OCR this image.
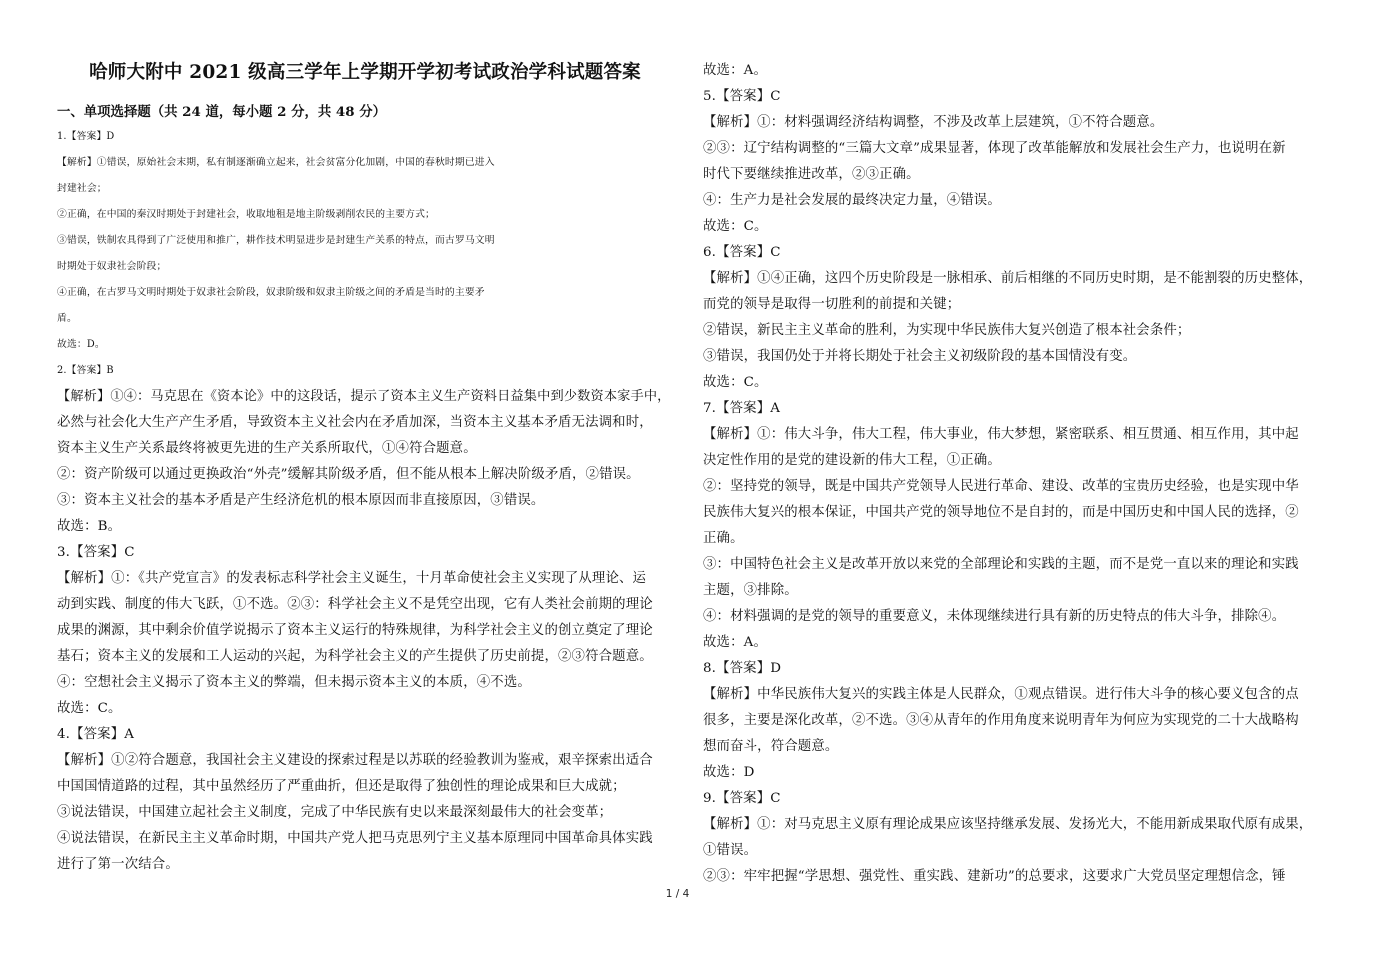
哈师大附中 2021 级高三学年上学期开学初考试政治学科试题答案
一、单项选择题（共 24 道，每小题 2 分，共 48 分）
1.【答案】D
【解析】①错误，原始社会末期，私有制逐渐确立起来，社会贫富分化加剧，中国的春秋时期已进入
封建社会；
②正确，在中国的秦汉时期处于封建社会，收取地租是地主阶级剥削农民的主要方式；
③错误，铁制农具得到了广泛使用和推广，耕作技术明显进步是封建生产关系的特点，而古罗马文明
时期处于奴隶社会阶段；
④正确，在古罗马文明时期处于奴隶社会阶段，奴隶阶级和奴隶主阶级之间的矛盾是当时的主要矛
盾。
故选：D。
2.【答案】B
【解析】①④：马克思在《资本论》中的这段话，提示了资本主义生产资料日益集中到少数资本家手中，
必然与社会化大生产产生矛盾，导致资本主义社会内在矛盾加深，当资本主义基本矛盾无法调和时，
资本主义生产关系最终将被更先进的生产关系所取代，①④符合题意。
②：资产阶级可以通过更换政治“外壳”缓解其阶级矛盾，但不能从根本上解决阶级矛盾，②错误。
③：资本主义社会的基本矛盾是产生经济危机的根本原因而非直接原因，③错误。
故选：B。
3.【答案】C
【解析】①：《共产党宣言》的发表标志科学社会主义诞生，十月革命使社会主义实现了从理论、运
动到实践、制度的伟大飞跃，①不选。②③：科学社会主义不是凭空出现，它有人类社会前期的理论
成果的渊源，其中剩余价值学说揭示了资本主义运行的特殊规律，为科学社会主义的创立奠定了理论
基石；资本主义的发展和工人运动的兴起，为科学社会主义的产生提供了历史前提，②③符合题意。
④：空想社会主义揭示了资本主义的弊端，但未揭示资本主义的本质，④不选。
故选：C。
4.【答案】A
【解析】①②符合题意，我国社会主义建设的探索过程是以苏联的经验教训为鉴戒，艰辛探索出适合
中国国情道路的过程，其中虽然经历了严重曲折，但还是取得了独创性的理论成果和巨大成就；
③说法错误，中国建立起社会主义制度，完成了中华民族有史以来最深刻最伟大的社会变革；
④说法错误，在新民主主义革命时期，中国共产党人把马克思列宁主义基本原理同中国革命具体实践
进行了第一次结合。
故选：A。
5.【答案】C
【解析】①：材料强调经济结构调整，不涉及改革上层建筑，①不符合题意。
②③：辽宁结构调整的“三篇大文章”成果显著，体现了改革能解放和发展社会生产力，也说明在新
时代下要继续推进改革，②③正确。
④：生产力是社会发展的最终决定力量，④错误。
故选：C。
6.【答案】C
【解析】①④正确，这四个历史阶段是一脉相承、前后相继的不同历史时期，是不能割裂的历史整体，
而党的领导是取得一切胜利的前提和关键；
②错误，新民主主义革命的胜利，为实现中华民族伟大复兴创造了根本社会条件；
③错误，我国仍处于并将长期处于社会主义初级阶段的基本国情没有变。
故选：C。
7.【答案】A
【解析】①：伟大斗争，伟大工程，伟大事业，伟大梦想，紧密联系、相互贯通、相互作用，其中起
决定性作用的是党的建设新的伟大工程，①正确。
②：坚持党的领导，既是中国共产党领导人民进行革命、建设、改革的宝贵历史经验，也是实现中华
民族伟大复兴的根本保证，中国共产党的领导地位不是自封的，而是中国历史和中国人民的选择，②
正确。
③：中国特色社会主义是改革开放以来党的全部理论和实践的主题，而不是党一直以来的理论和实践
主题，③排除。
④：材料强调的是党的领导的重要意义，未体现继续进行具有新的历史特点的伟大斗争，排除④。
故选：A。
8.【答案】D
【解析】中华民族伟大复兴的实践主体是人民群众，①观点错误。进行伟大斗争的核心要义包含的点
很多，主要是深化改革，②不选。③④从青年的作用角度来说明青年为何应为实现党的二十大战略构
想而奋斗，符合题意。
故选：D
9.【答案】C
【解析】①：对马克思主义原有理论成果应该坚持继承发展、发扬光大，不能用新成果取代原有成果，
①错误。
②③：牢牢把握“学思想、强党性、重实践、建新功”的总要求，这要求广大党员坚定理想信念，锤
1 / 4
